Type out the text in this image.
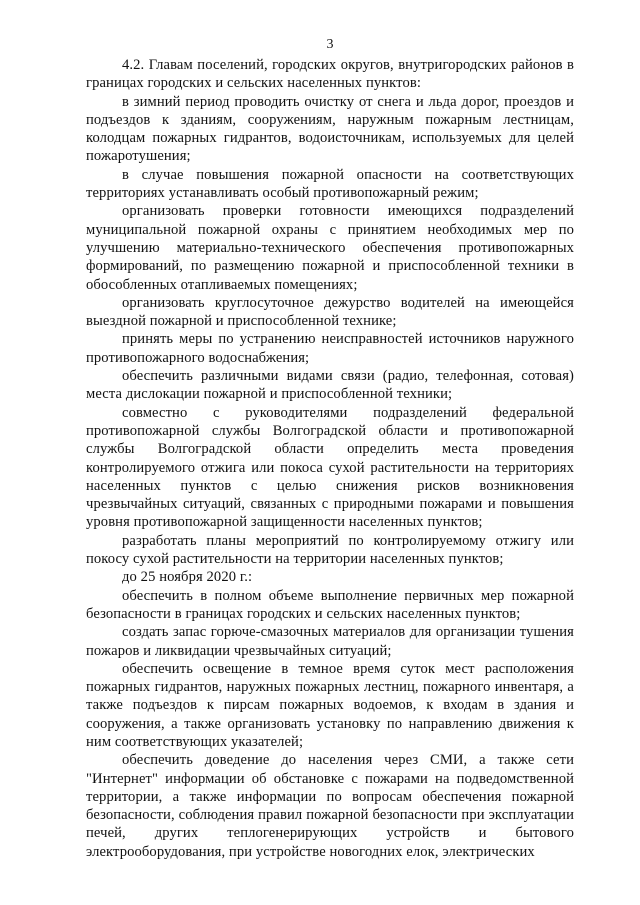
3

4.2. Главам поселений, городских округов, внутригородских районов в границах городских и сельских населенных пунктов:

в зимний период проводить очистку от снега и льда дорог, проездов и подъездов к зданиям, сооружениям, наружным пожарным лестницам, колодцам пожарных гидрантов, водоисточникам, используемых для целей пожаротушения;

в случае повышения пожарной опасности на соответствующих территориях устанавливать особый противопожарный режим;

организовать проверки готовности имеющихся подразделений муниципальной пожарной охраны с принятием необходимых мер по улучшению материально-технического обеспечения противопожарных формирований, по размещению пожарной и приспособленной техники в обособленных отапливаемых помещениях;

организовать круглосуточное дежурство водителей на имеющейся выездной пожарной и приспособленной технике;

принять меры по устранению неисправностей источников наружного противопожарного водоснабжения;

обеспечить различными видами связи (радио, телефонная, сотовая) места дислокации пожарной и приспособленной техники;

совместно с руководителями подразделений федеральной противопожарной службы Волгоградской области и противопожарной службы Волгоградской области определить места проведения контролируемого отжига или покоса сухой растительности на территориях населенных пунктов с целью снижения рисков возникновения чрезвычайных ситуаций, связанных с природными пожарами и повышения уровня противопожарной защищенности населенных пунктов;

разработать планы мероприятий по контролируемому отжигу или покосу сухой растительности на территории населенных пунктов;

до 25 ноября 2020 г.:

обеспечить в полном объеме выполнение первичных мер пожарной безопасности в границах городских и сельских населенных пунктов;

создать запас горюче-смазочных материалов для организации тушения пожаров и ликвидации чрезвычайных ситуаций;

обеспечить освещение в темное время суток мест расположения пожарных гидрантов, наружных пожарных лестниц, пожарного инвентаря, а также подъездов к пирсам пожарных водоемов, к входам в здания и сооружения, а также организовать установку по направлению движения к ним соответствующих указателей;

обеспечить доведение до населения через СМИ, а также сети "Интернет" информации об обстановке с пожарами на подведомственной территории, а также информации по вопросам обеспечения пожарной безопасности, соблюдения правил пожарной безопасности при эксплуатации печей, других теплогенерирующих устройств и бытового электрооборудования, при устройстве новогодних елок, электрических
